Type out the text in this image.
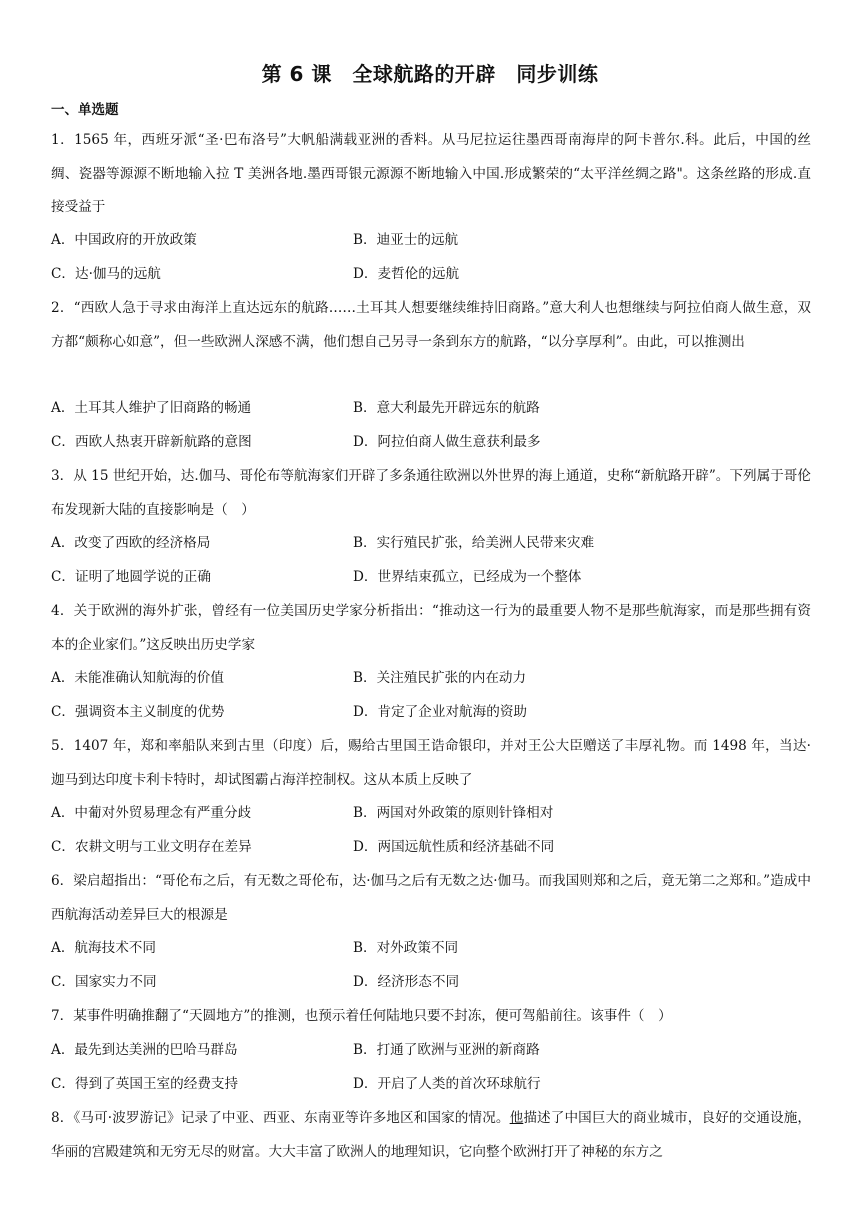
第 6 课　全球航路的开辟　同步训练
一、单选题
1．1565 年，西班牙派“圣·巴布洛号”大帆船满载亚洲的香料。从马尼拉运往墨西哥南海岸的阿卡普尔.科。此后，中国的丝绸、瓷器等源源不断地输入拉 T 美洲各地.墨西哥银元源源不断地输入中国.形成繁荣的“太平洋丝绸之路"。这条丝路的形成.直接受益于
A．中国政府的开放政策	B．迪亚士的远航
C．达·伽马的远航	D．麦哲伦的远航
2．“西欧人急于寻求由海洋上直达远东的航路……土耳其人想要继续维持旧商路。”意大利人也想继续与阿拉伯商人做生意，双方都“颇称心如意”，但一些欧洲人深感不满，他们想自己另寻一条到东方的航路，“以分享厚利”。由此，可以推测出
A．土耳其人维护了旧商路的畅通	B．意大利最先开辟远东的航路
C．西欧人热衷开辟新航路的意图	D．阿拉伯商人做生意获利最多
3．从 15 世纪开始，达.伽马、哥伦布等航海家们开辟了多条通往欧洲以外世界的海上通道，史称“新航路开辟”。下列属于哥伦布发现新大陆的直接影响是（　）
A．改变了西欧的经济格局	B．实行殖民扩张，给美洲人民带来灾难
C．证明了地圆学说的正确	D．世界结束孤立，已经成为一个整体
4．关于欧洲的海外扩张，曾经有一位美国历史学家分析指出：“推动这一行为的最重要人物不是那些航海家，而是那些拥有资本的企业家们。”这反映出历史学家
A．未能准确认知航海的价值	B．关注殖民扩张的内在动力
C．强调资本主义制度的优势	D．肯定了企业对航海的资助
5．1407 年，郑和率船队来到古里（印度）后，赐给古里国王诰命银印，并对王公大臣赠送了丰厚礼物。而 1498 年，当达·迦马到达印度卡利卡特时，却试图霸占海洋控制权。这从本质上反映了
A．中葡对外贸易理念有严重分歧	B．两国对外政策的原则针锋相对
C．农耕文明与工业文明存在差异	D．两国远航性质和经济基础不同
6．梁启超指出：“哥伦布之后，有无数之哥伦布，达·伽马之后有无数之达·伽马。而我国则郑和之后，竟无第二之郑和。”造成中西航海活动差异巨大的根源是
A．航海技术不同	B．对外政策不同
C．国家实力不同	D．经济形态不同
7．某事件明确推翻了“天圆地方”的推测，也预示着任何陆地只要不封冻，便可驾船前往。该事件（　）
A．最先到达美洲的巴哈马群岛	B．打通了欧洲与亚洲的新商路
C．得到了英国王室的经费支持	D．开启了人类的首次环球航行
8．《马可·波罗游记》记录了中亚、西亚、东南亚等许多地区和国家的情况。他描述了中国巨大的商业城市，良好的交通设施，华丽的宫殿建筑和无穷无尽的财富。大大丰富了欧洲人的地理知识，它向整个欧洲打开了神秘的东方之
